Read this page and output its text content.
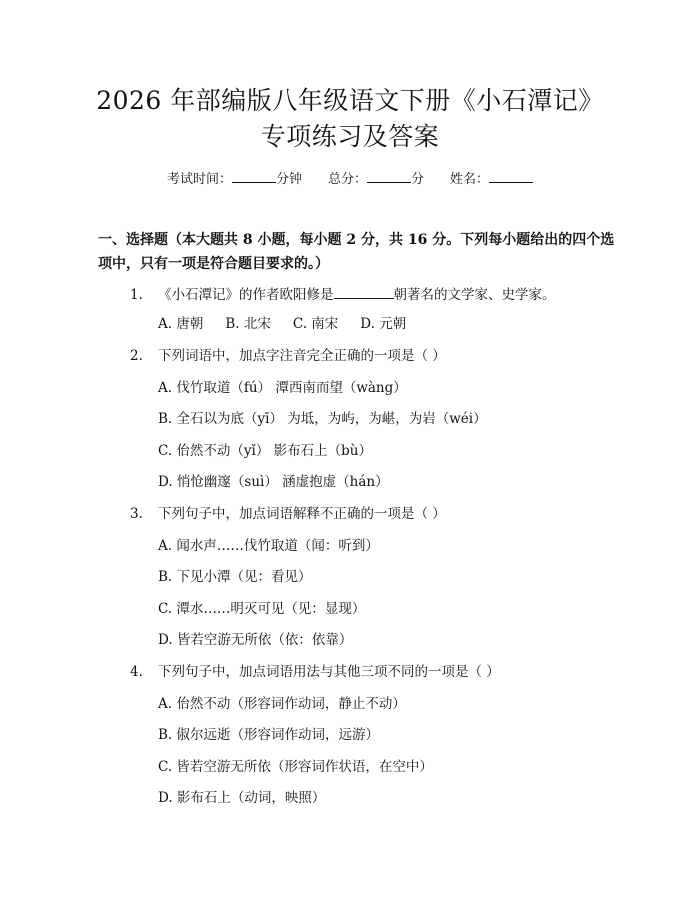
2026 年部编版八年级语文下册《小石潭记》
专项练习及答案
考试时间：	分钟 总分：	分 姓名：
一、选择题（本大题共 8 小题，每小题 2 分，共 16 分。下列每小题给出的四个选
项中，只有一项是符合题目要求的。）
1. 《小石潭记》的作者欧阳修是	朝著名的文学家、史学家。
A. 唐朝 B. 北宋 C. 南宋 D. 元朝
2. 下列词语中，加点字注音完全正确的一项是（ ）
A. 伐竹取道（fú） 潭西南而望（wàng）
B. 全石以为底（yī） 为坻，为屿，为嵁，为岩（wéi）
C. 佁然不动（yǐ） 影布石上（bù）
D. 悄怆幽邃（suì） 涵虚抱虚（hán）
3. 下列句子中，加点词语解释不正确的一项是（ ）
A. 闻水声……伐竹取道（闻：听到）
B. 下见小潭（见：看见）
C. 潭水……明灭可见（见：显现）
D. 皆若空游无所依（依：依靠）
4. 下列句子中，加点词语用法与其他三项不同的一项是（ ）
A. 佁然不动（形容词作动词，静止不动）
B. 俶尔远逝（形容词作动词，远游）
C. 皆若空游无所依（形容词作状语，在空中）
D. 影布石上（动词，映照）
